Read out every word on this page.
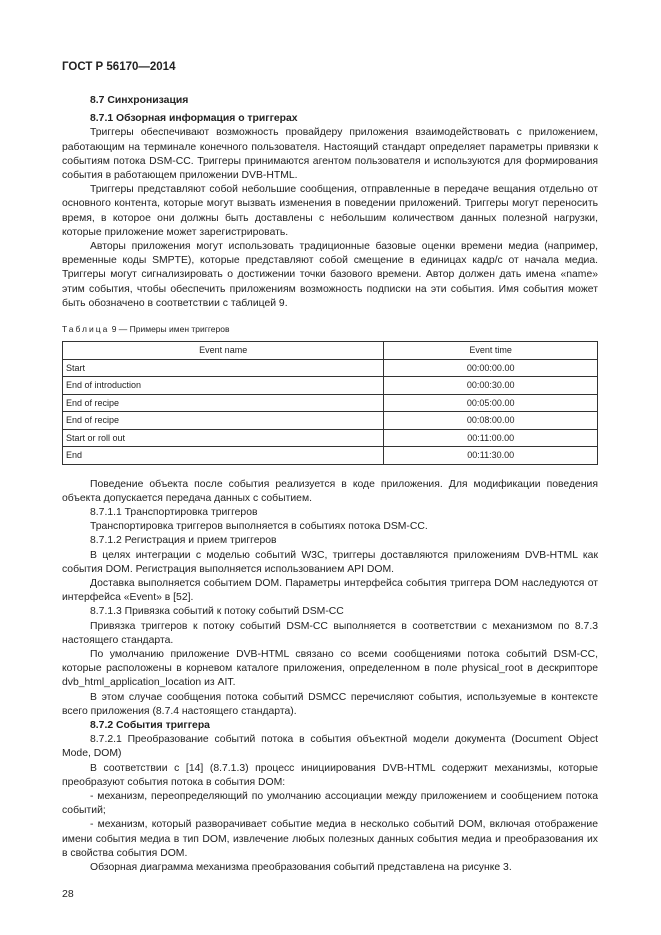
ГОСТ Р 56170—2014

8.7 Синхронизация

8.7.1 Обзорная информация о триггерах

Триггеры обеспечивают возможность провайдеру приложения взаимодействовать с приложением, работающим на терминале конечного пользователя. Настоящий стандарт определяет параметры привязки к событиям потока DSM-CC. Триггеры принимаются агентом пользователя и используются для формирования события в работающем приложении DVB-HTML.

Триггеры представляют собой небольшие сообщения, отправленные в передаче вещания отдельно от основного контента, которые могут вызвать изменения в поведении приложений. Триггеры могут переносить время, в которое они должны быть доставлены с небольшим количеством данных полезной нагрузки, которые приложение может зарегистрировать.

Авторы приложения могут использовать традиционные базовые оценки времени медиа (например, временные коды SMPTE), которые представляют собой смещение в единицах кадр/с от начала медиа. Триггеры могут сигнализировать о достижении точки базового времени. Автор должен дать имена «name» этим события, чтобы обеспечить приложениям возможность подписки на эти события. Имя события может быть обозначено в соответствии с таблицей 9.

Таблица 9 — Примеры имен триггеров

Event name	Event time
Start	00:00:00.00
End of introduction	00:00:30.00
End of recipe	00:05:00.00
End of recipe	00:08:00.00
Start or roll out	00:11:00.00
End	00:11:30.00

Поведение объекта после события реализуется в коде приложения. Для модификации поведения объекта допускается передача данных с событием.

8.7.1.1 Транспортировка триггеров

Транспортировка триггеров выполняется в событиях потока DSM-CC.

8.7.1.2 Регистрация и прием триггеров

В целях интеграции с моделью событий W3C, триггеры доставляются приложениям DVB-HTML как события DOM. Регистрация выполняется использованием API DOM.

Доставка выполняется событием DOM. Параметры интерфейса события триггера DOM наследуются от интерфейса «Event» в [52].

8.7.1.3 Привязка событий к потоку событий DSM-CC

Привязка триггеров к потоку событий DSM-CC выполняется в соответствии с механизмом по 8.7.3 настоящего стандарта.

По умолчанию приложение DVB-HTML связано со всеми сообщениями потока событий DSM-CC, которые расположены в корневом каталоге приложения, определенном в поле physical_root в дескрипторе dvb_html_application_location из AIT.

В этом случае сообщения потока событий DSMCC перечисляют события, используемые в контексте всего приложения (8.7.4 настоящего стандарта).

8.7.2 События триггера

8.7.2.1 Преобразование событий потока в события объектной модели документа (Document Object Mode, DOM)

В соответствии с [14] (8.7.1.3) процесс инициирования DVB-HTML содержит механизмы, которые преобразуют события потока в события DOM:

- механизм, переопределяющий по умолчанию ассоциации между приложением и сообщением потока событий;

- механизм, который разворачивает событие медиа в несколько событий DOM, включая отображение имени события медиа в тип DOM, извлечение любых полезных данных события медиа и преобразования их в свойства события DOM.

Обзорная диаграмма механизма преобразования событий представлена на рисунке 3.

28
